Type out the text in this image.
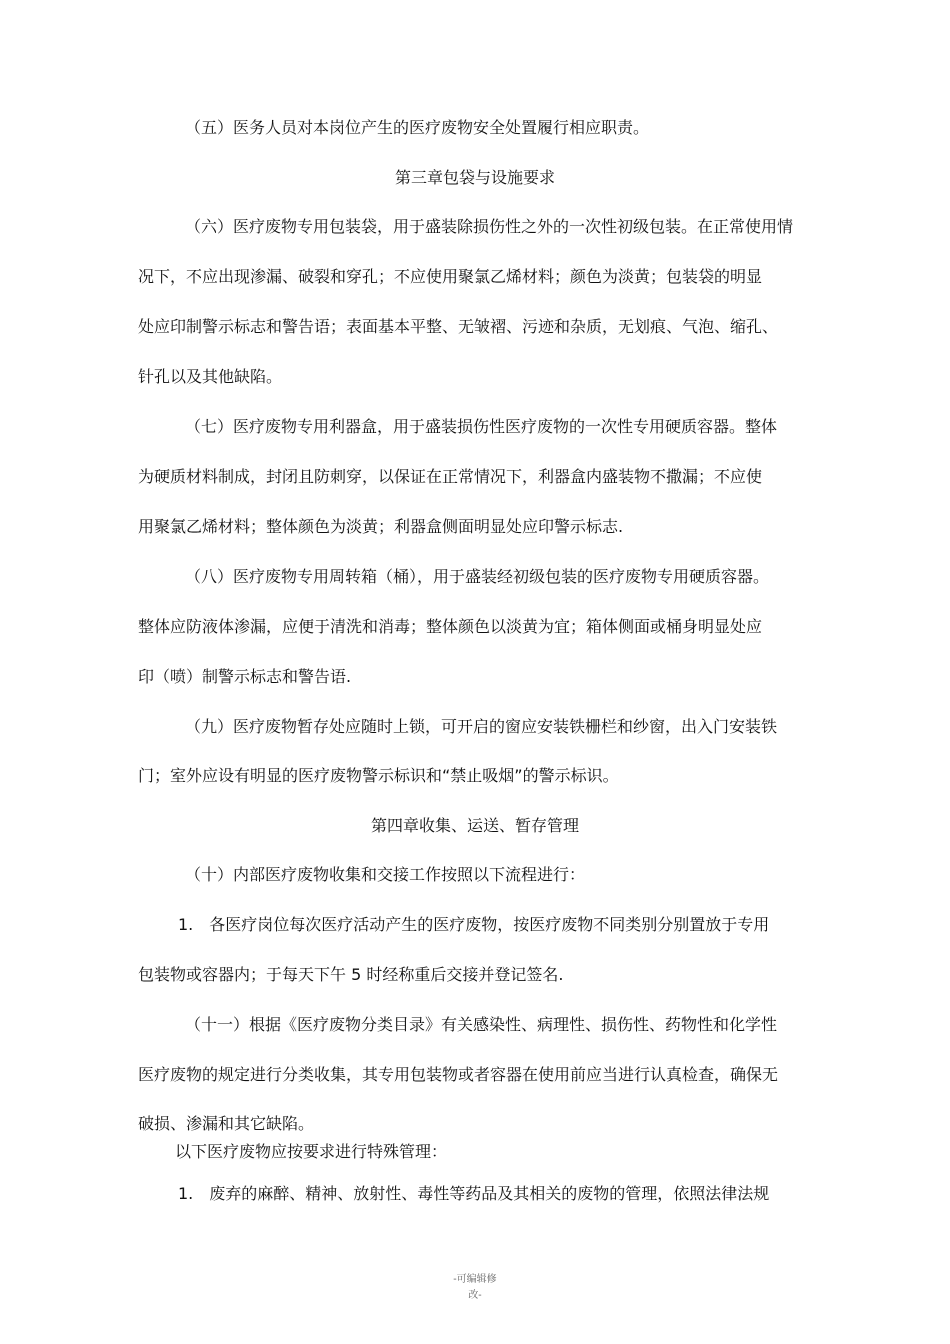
（五）医务人员对本岗位产生的医疗废物安全处置履行相应职责。
第三章包袋与设施要求
（六）医疗废物专用包装袋，用于盛装除损伤性之外的一次性初级包装。在正常使用情
况下，不应出现渗漏、破裂和穿孔；不应使用聚氯乙烯材料；颜色为淡黄；包装袋的明显
处应印制警示标志和警告语；表面基本平整、无皱褶、污迹和杂质，无划痕、气泡、缩孔、
针孔以及其他缺陷。
（七）医疗废物专用利器盒，用于盛装损伤性医疗废物的一次性专用硬质容器。整体
为硬质材料制成，封闭且防刺穿，以保证在正常情况下，利器盒内盛装物不撒漏；不应使
用聚氯乙烯材料；整体颜色为淡黄；利器盒侧面明显处应印警示标志.
（八）医疗废物专用周转箱（桶），用于盛装经初级包装的医疗废物专用硬质容器。
整体应防液体渗漏，应便于清洗和消毒；整体颜色以淡黄为宜；箱体侧面或桶身明显处应
印（喷）制警示标志和警告语.
（九）医疗废物暂存处应随时上锁，可开启的窗应安装铁栅栏和纱窗，出入门安装铁
门；室外应设有明显的医疗废物警示标识和“禁止吸烟”的警示标识。
第四章收集、运送、暂存管理
（十）内部医疗废物收集和交接工作按照以下流程进行：
1.　各医疗岗位每次医疗活动产生的医疗废物，按医疗废物不同类别分别置放于专用
包装物或容器内；于每天下午 5 时经称重后交接并登记签名.
（十一）根据《医疗废物分类目录》有关感染性、病理性、损伤性、药物性和化学性
医疗废物的规定进行分类收集，其专用包装物或者容器在使用前应当进行认真检查，确保无
破损、渗漏和其它缺陷。
以下医疗废物应按要求进行特殊管理：
1.　废弃的麻醉、精神、放射性、毒性等药品及其相关的废物的管理，依照法律法规
-可编辑修
改-
